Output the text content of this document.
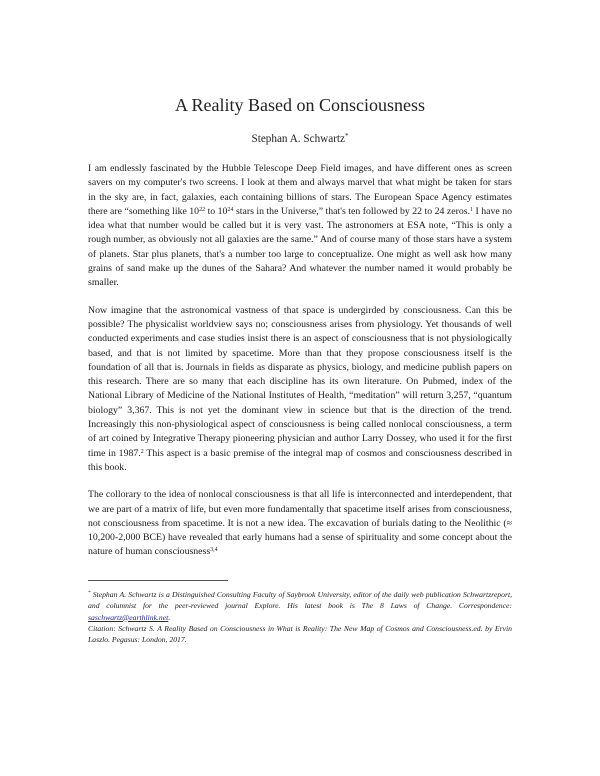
A Reality Based on Consciousness
Stephan A. Schwartz*

I am endlessly fascinated by the Hubble Telescope Deep Field images, and have different ones as screen savers on my computer's two screens. I look at them and always marvel that what might be taken for stars in the sky are, in fact, galaxies, each containing billions of stars. The European Space Agency estimates there are “something like $10^{22}$ to $10^{24}$ stars in the Universe,” that's ten followed by 22 to 24 zeros.$^1$ I have no idea what that number would be called but it is very vast. The astronomers at ESA note, “This is only a rough number, as obviously not all galaxies are the same.” And of course many of those stars have a system of planets. Star plus planets, that's a number too large to conceptualize. One might as well ask how many grains of sand make up the dunes of the Sahara? And whatever the number named it would probably be smaller.

Now imagine that the astronomical vastness of that space is undergirded by consciousness. Can this be possible? The physicalist worldview says no; consciousness arises from physiology. Yet thousands of well conducted experiments and case studies insist there is an aspect of consciousness that is not physiologically based, and that is not limited by spacetime. More than that they propose consciousness itself is the foundation of all that is. Journals in fields as disparate as physics, biology, and medicine publish papers on this research. There are so many that each discipline has its own literature. On Pubmed, index of the National Library of Medicine of the National Institutes of Health, “meditation” will return 3,257, “quantum biology” 3,367. This is not yet the dominant view in science but that is the direction of the trend. Increasingly this non-physiological aspect of consciousness is being called nonlocal consciousness, a term of art coined by Integrative Therapy pioneering physician and author Larry Dossey, who used it for the first time in 1987.$^2$ This aspect is a basic premise of the integral map of cosmos and consciousness described in this book.

The collorary to the idea of nonlocal consciousness is that all life is interconnected and interdependent, that we are part of a matrix of life, but even more fundamentally that spacetime itself arises from consciousness, not consciousness from spacetime. It is not a new idea. The excavation of burials dating to the Neolithic (≈ 10,200-2,000 BCE) have revealed that early humans had a sense of spirituality and some concept about the nature of human consciousness$^{3,4}$

* Stephan A. Schwartz is a Distinguished Consulting Faculty of Saybrook University, editor of the daily web publication Schwartzreport, and columnist for the peer-reviewed journal Explore. His latest book is The 8 Laws of Change. Correspondence: saschwartz@earthlink.net.

Citation: Schwartz S. A Reality Based on Consciousness in What is Reality: The New Map of Cosmos and Consciousness.ed. by Ervin Laszlo. Pegasus: London, 2017.
